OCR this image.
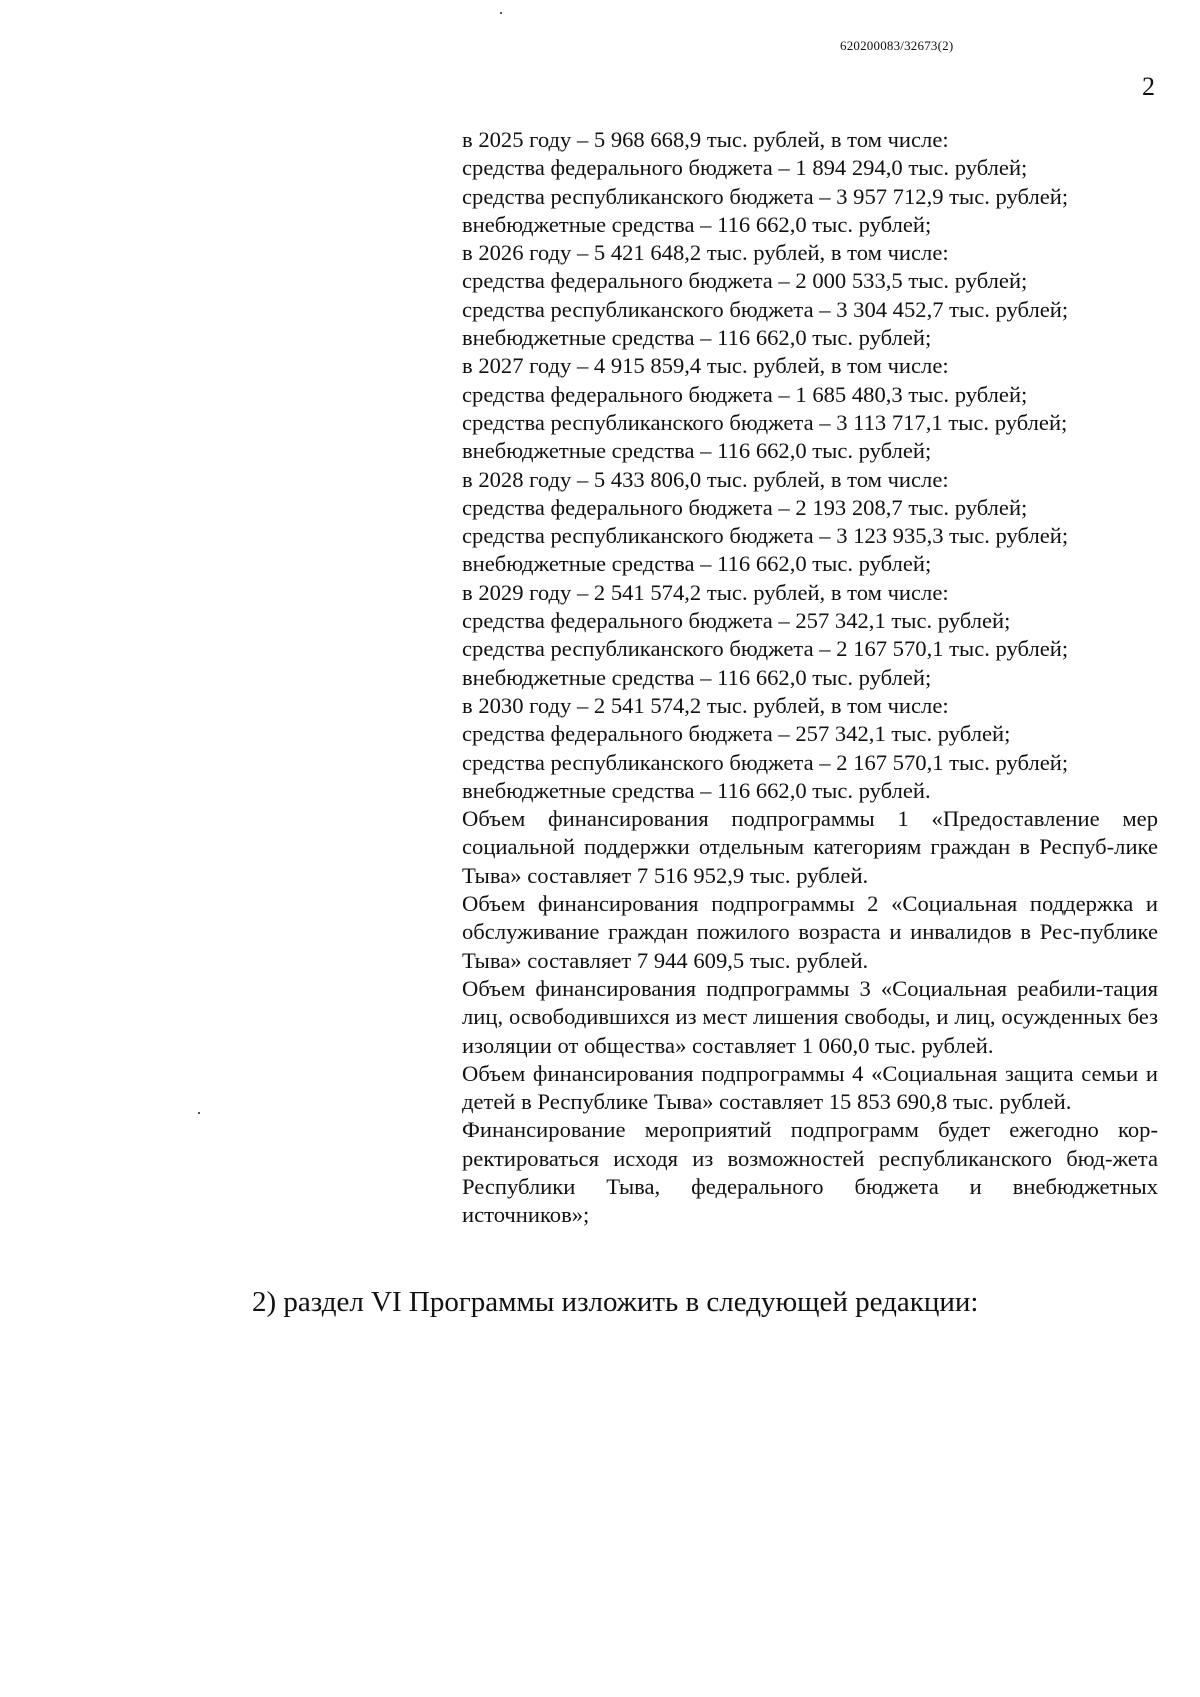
620200083/32673(2)
2
в 2025 году – 5 968 668,9 тыс. рублей, в том числе:
средства федерального бюджета – 1 894 294,0 тыс. рублей;
средства республиканского бюджета – 3 957 712,9 тыс. рублей;
внебюджетные средства – 116 662,0 тыс. рублей;
в 2026 году – 5 421 648,2 тыс. рублей, в том числе:
средства федерального бюджета – 2 000 533,5 тыс. рублей;
средства республиканского бюджета – 3 304 452,7 тыс. рублей;
внебюджетные средства – 116 662,0 тыс. рублей;
в 2027 году – 4 915 859,4 тыс. рублей, в том числе:
средства федерального бюджета – 1 685 480,3 тыс. рублей;
средства республиканского бюджета – 3 113 717,1 тыс. рублей;
внебюджетные средства – 116 662,0 тыс. рублей;
в 2028 году – 5 433 806,0 тыс. рублей, в том числе:
средства федерального бюджета – 2 193 208,7 тыс. рублей;
средства республиканского бюджета – 3 123 935,3 тыс. рублей;
внебюджетные средства – 116 662,0 тыс. рублей;
в 2029 году – 2 541 574,2 тыс. рублей, в том числе:
средства федерального бюджета – 257 342,1 тыс. рублей;
средства республиканского бюджета – 2 167 570,1 тыс. рублей;
внебюджетные средства – 116 662,0 тыс. рублей;
в 2030 году – 2 541 574,2 тыс. рублей, в том числе:
средства федерального бюджета – 257 342,1 тыс. рублей;
средства республиканского бюджета – 2 167 570,1 тыс. рублей;
внебюджетные средства – 116 662,0 тыс. рублей.
Объем финансирования подпрограммы 1 «Предоставление мер социальной поддержки отдельным категориям граждан в Респуб-лике Тыва» составляет 7 516 952,9 тыс. рублей.
Объем финансирования подпрограммы 2 «Социальная поддержка и обслуживание граждан пожилого возраста и инвалидов в Рес-публике Тыва» составляет 7 944 609,5 тыс. рублей.
Объем финансирования подпрограммы 3 «Социальная реабили-тация лиц, освободившихся из мест лишения свободы, и лиц, осужденных без изоляции от общества» составляет 1 060,0 тыс. рублей.
Объем финансирования подпрограммы 4 «Социальная защита семьи и детей в Республике Тыва» составляет 15 853 690,8 тыс. рублей.
Финансирование мероприятий подпрограмм будет ежегодно кор-ректироваться исходя из возможностей республиканского бюд-жета Республики Тыва, федерального бюджета и внебюджетных источников»;
2) раздел VI Программы изложить в следующей редакции:
